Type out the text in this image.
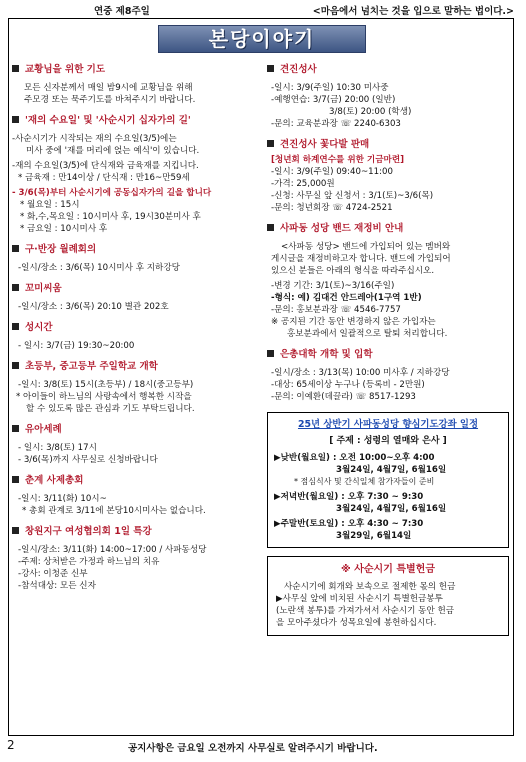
연중 제8주일	<마음에서 넘치는 것을 입으로 말하는 법이다.>
본당이야기
교황님을 위한 기도
모든 신자분께서 매일 밤9시에 교황님을 위해
주모경 또는 묵주기도를 바쳐주시기 바랍니다.
'재의 수요일' 및 '사순시기 십자가의 길'
-사순시기가 시작되는 재의 수요일(3/5)에는
미사 중에 '재를 머리에 얹는 예식'이 있습니다.
-재의 수요일(3/5)에 단식재와 금육재를 지킵니다.
* 금육재 : 만14이상 / 단식재 : 만16~만59세
- 3/6(목)부터 사순시기에 공동십자가의 길을 합니다
* 월요일 : 15시
* 화,수,목요일 : 10시미사 후, 19시30분미사 후
* 금요일 : 10시미사 후
구·반장 월례회의
-일시/장소 : 3/6(목) 10시미사 후 지하강당
꼬미씨움
-일시/장소 : 3/6(목) 20:10 별관 202호
성시간
- 일시: 3/7(금) 19:30~20:00
초등부, 중고등부 주일학교 개학
-일시: 3/8(토) 15시(초등부) / 18시(중고등부)
* 아이들이 하느님의 사랑속에서 행복한 시작을
할 수 있도록 많은 관심과 기도 부탁드립니다.
유아세례
- 일시: 3/8(토) 17시
- 3/6(목)까지 사무실로 신청바랍니다
춘계 사제총회
-일시: 3/11(화) 10시~
* 총회 관계로 3/11에 본당10시미사는 없습니다.
창원지구 여성협의회 1일 특강
-일시/장소: 3/11(화) 14:00~17:00 / 사파동성당
-주제: 상처받은 가정과 하느님의 치유
-강사: 이청준 신부
-참석대상: 모든 신자
견진성사
-일시: 3/9(주일) 10:30 미사중
-예행연습: 3/7(금) 20:00 (일반)
3/8(토) 20:00 (학생)
-문의: 교육분과장 ☏ 2240-6303
견진성사 꽃다발 판매
[청년회 하계연수를 위한 기금마련]
-일시: 3/9(주일) 09:40~11:00
-가격: 25,000원
-신청: 사무실 앞 신청서 : 3/1(토)~3/6(목)
-문의: 청년회장 ☏ 4724-2521
사파동 성당 밴드 재정비 안내
<사파동 성당> 밴드에 가입되어 있는 멤버와
게시글을 재정비하고자 합니다. 밴드에 가입되어
있으신 분들은 아래의 형식을 따라주십시오.
-변경 기간: 3/1(토)~3/16(주일)
-형식: 예) 김대건 안드레아(1구역 1반)
-문의: 홍보분과장 ☏ 4546-7757
※ 공지된 기간 동안 변경하지 않은 가입자는
홍보분과에서 일괄적으로 탈퇴 처리합니다.
은총대학 개학 및 입학
-일시/장소 : 3/13(목) 10:00 미사후 / 지하강당
-대상: 65세이상 누구나 (등록비 - 2만원)
-문의: 이예환(데끌라) ☏ 8517-1293
25년 상반기 사파동성당 향심기도강좌 일정
[ 주제 : 성령의 열매와 은사 ]
▶낮반(월요일) : 오전 10:00~오후 4:00
3월24일, 4월7일, 6월16일
* 점심식사 및 간식일체 참가자들이 준비
▶저녁반(월요일) : 오후 7:30 ~ 9:30
3월24일, 4월7일, 6월16일
▶주말반(토요일) : 오후 4:30 ~ 7:30
3월29일, 6월14일
※ 사순시기 특별헌금
사순시기에 회개와 보속으로 절제한 몫의 헌금
▶사무실 앞에 비치된 사순시기 특별헌금봉투
(노란색 봉투)를 가져가셔서 사순시기 동안 헌금
을 모아주셨다가 성목요일에 봉헌하십시다.
2	공지사항은 금요일 오전까지 사무실로 알려주시기 바랍니다.
